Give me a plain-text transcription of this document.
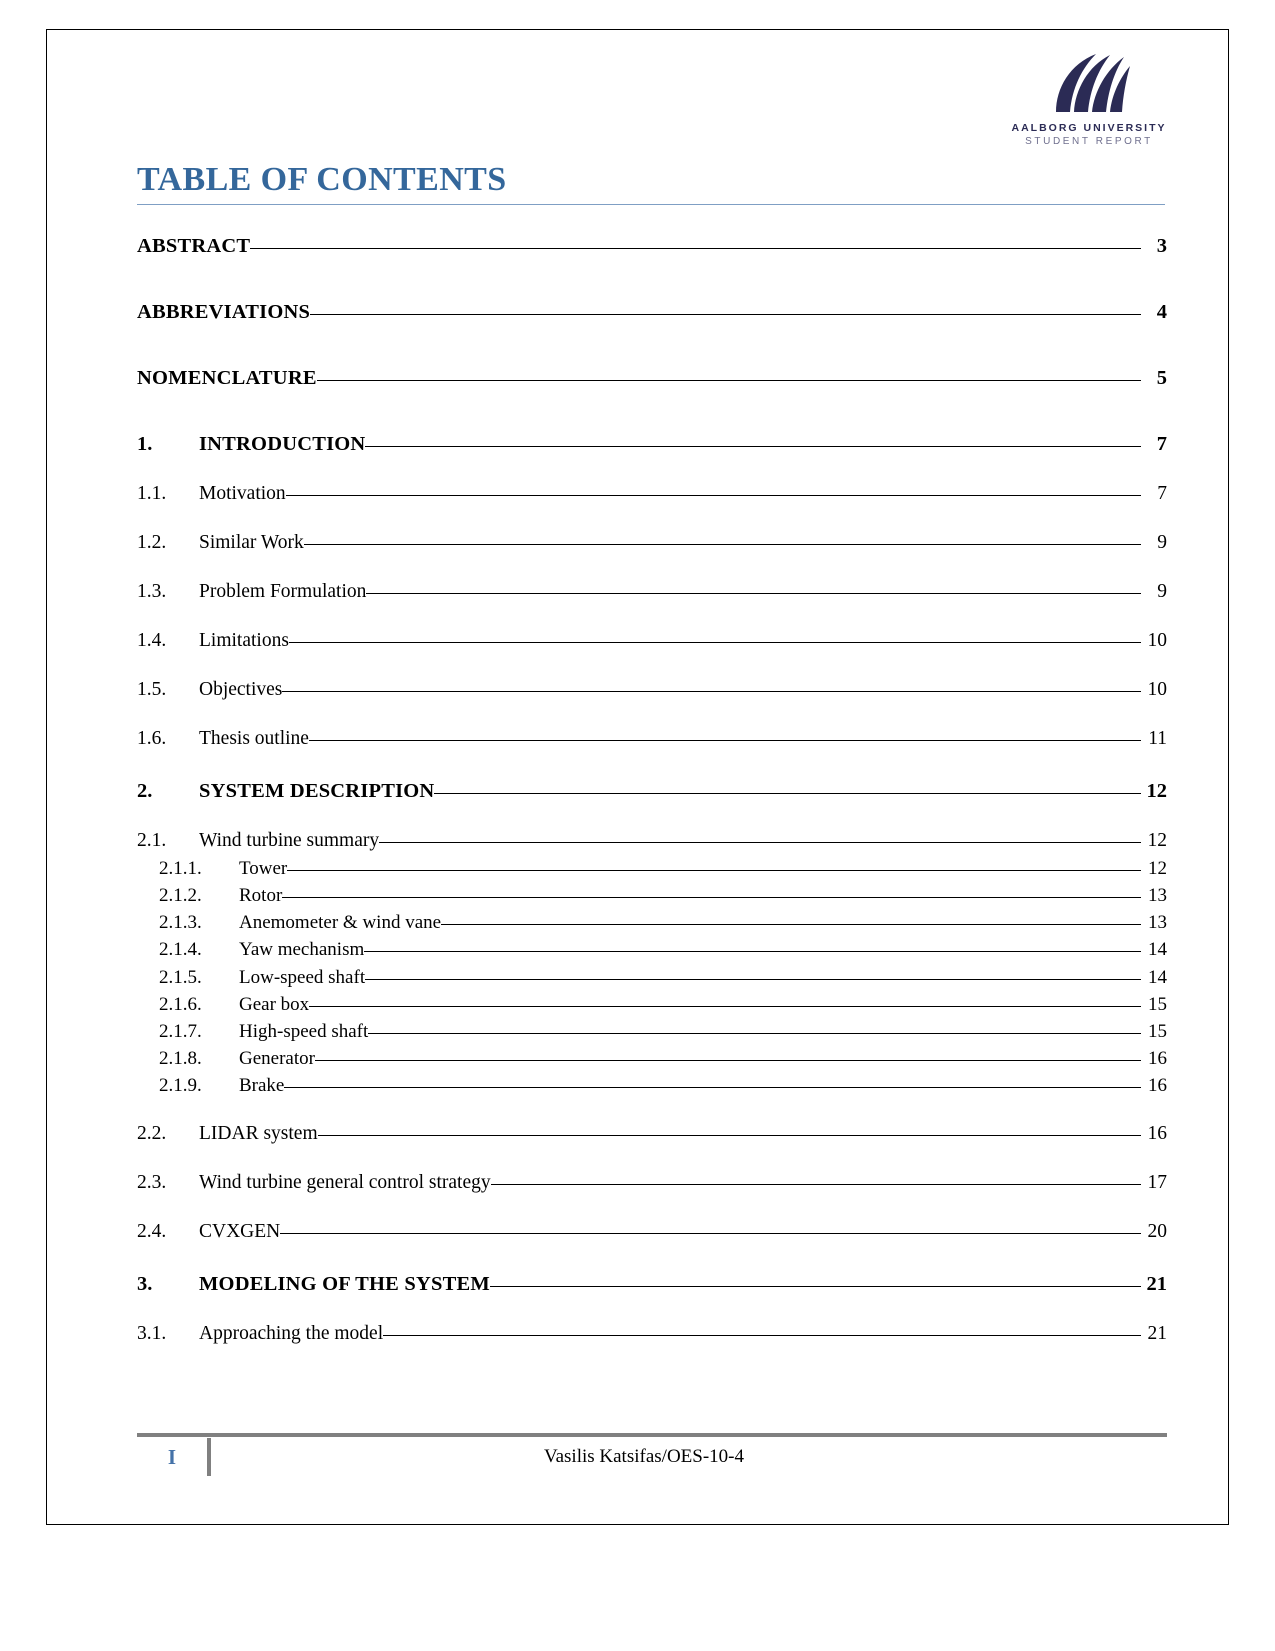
AALBORG UNIVERSITY
STUDENT REPORT
TABLE OF CONTENTS
ABSTRACT	3
ABBREVIATIONS	4
NOMENCLATURE	5
1.	INTRODUCTION	7
1.1.	Motivation	7
1.2.	Similar Work	9
1.3.	Problem Formulation	9
1.4.	Limitations	10
1.5.	Objectives	10
1.6.	Thesis outline	11
2.	SYSTEM DESCRIPTION	12
2.1.	Wind turbine summary	12
2.1.1.	Tower	12
2.1.2.	Rotor	13
2.1.3.	Anemometer & wind vane	13
2.1.4.	Yaw mechanism	14
2.1.5.	Low-speed shaft	14
2.1.6.	Gear box	15
2.1.7.	High-speed shaft	15
2.1.8.	Generator	16
2.1.9.	Brake	16
2.2.	LIDAR system	16
2.3.	Wind turbine general control strategy	17
2.4.	CVXGEN	20
3.	MODELING OF THE SYSTEM	21
3.1.	Approaching the model	21
I	Vasilis Katsifas/OES-10-4
